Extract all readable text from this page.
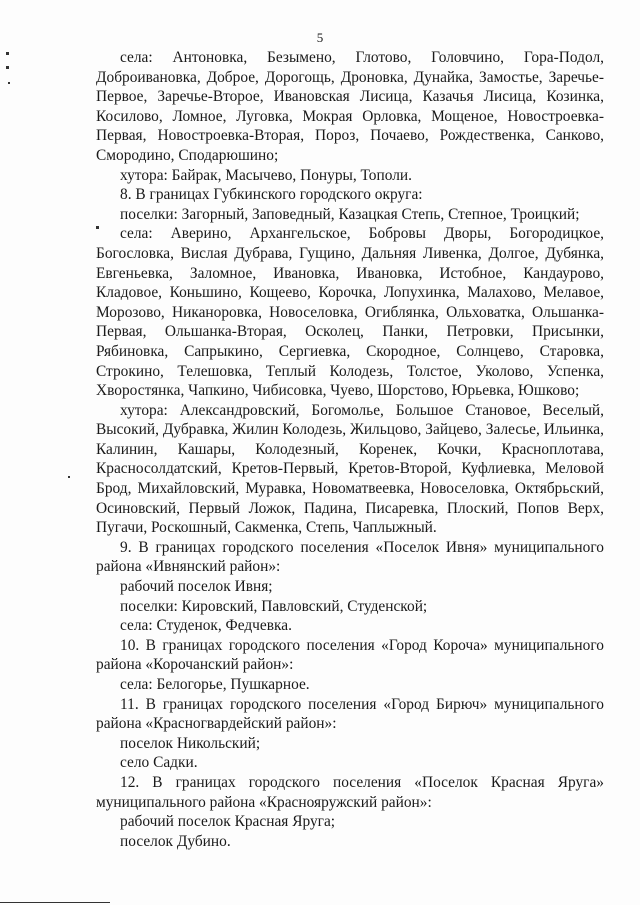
5

села: Антоновка, Безымено, Глотово, Головчино, Гора-Подол, Доброивановка, Доброе, Дорогощь, Дроновка, Дунайка, Замостье, Заречье-Первое, Заречье-Второе, Ивановская Лисица, Казачья Лисица, Козинка, Косилово, Ломное, Луговка, Мокрая Орловка, Мощеное, Новостроевка-Первая, Новостроевка-Вторая, Пороз, Почаево, Рождественка, Санково, Смородино, Сподарюшино;

хутора: Байрак, Масычево, Понуры, Тополи.

8. В границах Губкинского городского округа:

поселки: Загорный, Заповедный, Казацкая Степь, Степное, Троицкий;

села: Аверино, Архангельское, Бобровы Дворы, Богородицкое, Богословка, Вислая Дубрава, Гущино, Дальняя Ливенка, Долгое, Дубянка, Евгеньевка, Заломное, Ивановка, Ивановка, Истобное, Кандаурово, Кладовое, Коньшино, Кощеево, Корочка, Лопухинка, Малахово, Мелавое, Морозово, Никаноровка, Новоселовка, Огиблянка, Ольховатка, Ольшанка-Первая, Ольшанка-Вторая, Осколец, Панки, Петровки, Присынки, Рябиновка, Сапрыкино, Сергиевка, Скородное, Солнцево, Старовка, Строкино, Телешовка, Теплый Колодезь, Толстое, Уколово, Успенка, Хворостянка, Чапкино, Чибисовка, Чуево, Шорстово, Юрьевка, Юшково;

хутора: Александровский, Богомолье, Большое Становое, Веселый, Высокий, Дубравка, Жилин Колодезь, Жильцово, Зайцево, Залесье, Ильинка, Калинин, Кашары, Колодезный, Коренек, Кочки, Красноплотава, Красносолдатский, Кретов-Первый, Кретов-Второй, Куфлиевка, Меловой Брод, Михайловский, Муравка, Новоматвеевка, Новоселовка, Октябрьский, Осиновский, Первый Ложок, Падина, Писаревка, Плоский, Попов Верх, Пугачи, Роскошный, Сакменка, Степь, Чаплыжный.

9. В границах городского поселения «Поселок Ивня» муниципального района «Ивнянский район»:

рабочий поселок Ивня;

поселки: Кировский, Павловский, Студенской;

села: Студенок, Федчевка.

10. В границах городского поселения «Город Короча» муниципального района «Корочанский район»:

села: Белогорье, Пушкарное.

11. В границах городского поселения «Город Бирюч» муниципального района «Красногвардейский район»:

поселок Никольский;

село Садки.

12. В границах городского поселения «Поселок Красная Яруга» муниципального района «Краснояружский район»:

рабочий поселок Красная Яруга;

поселок Дубино.
